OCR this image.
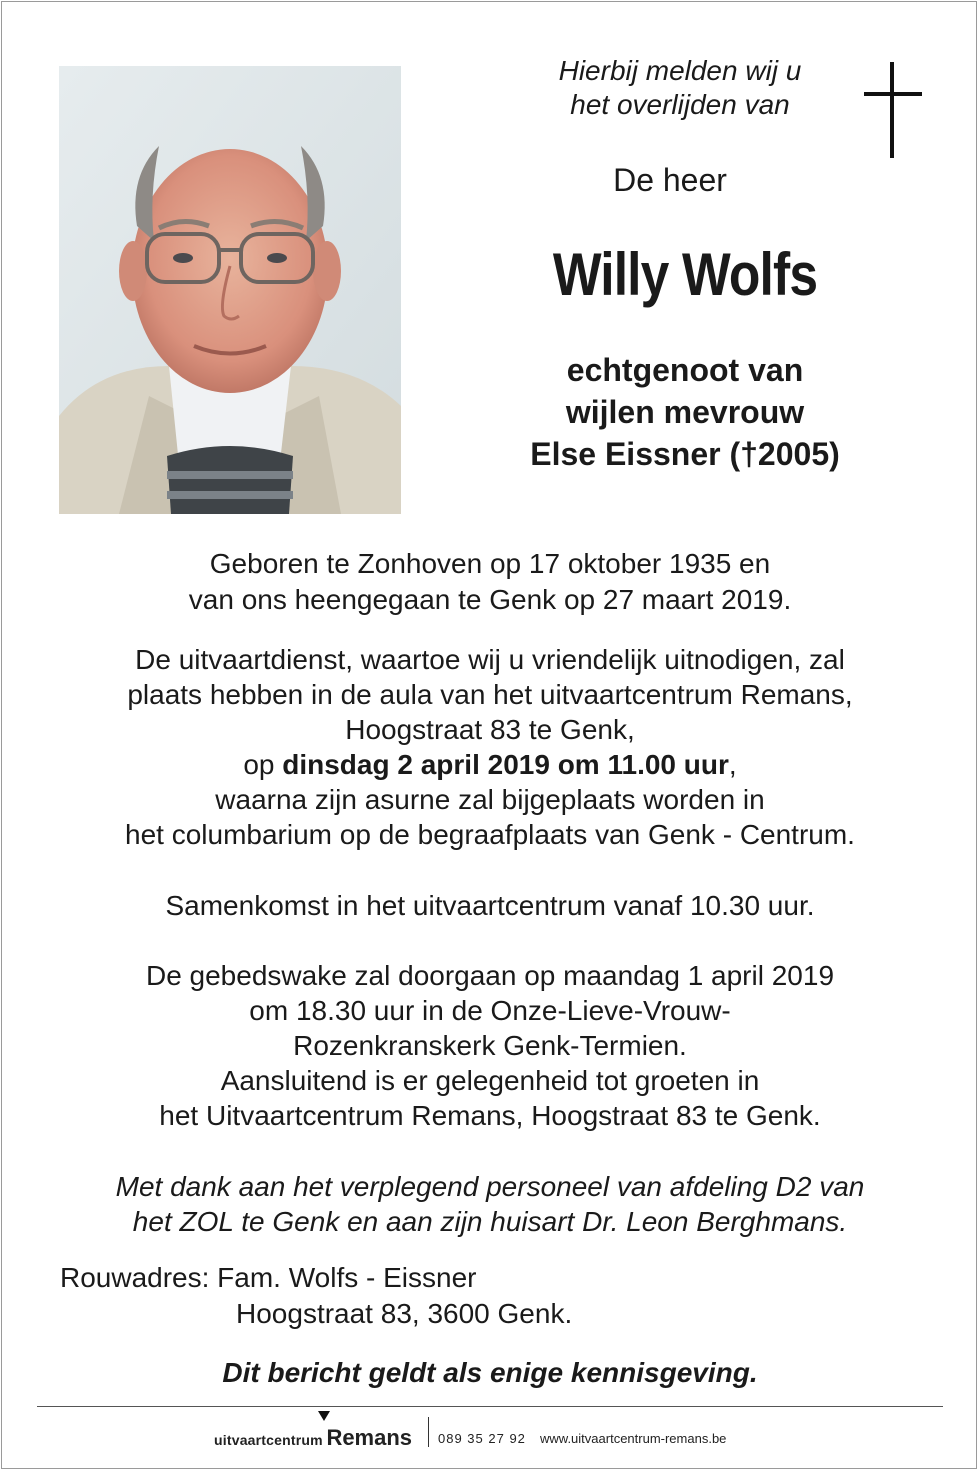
Hierbij melden wij u
het overlijden van
De heer
Willy Wolfs
echtgenoot van
wijlen mevrouw
Else Eissner (†2005)
Geboren te Zonhoven op 17 oktober 1935 en
van ons heengegaan te Genk op 27 maart 2019.
De uitvaartdienst, waartoe wij u vriendelijk uitnodigen, zal
plaats hebben in de aula van het uitvaartcentrum Remans,
Hoogstraat 83 te Genk,
op dinsdag 2 april 2019 om 11.00 uur,
waarna zijn asurne zal bijgeplaats worden in
het columbarium op de begraafplaats van Genk - Centrum.
Samenkomst in het uitvaartcentrum vanaf 10.30 uur.
De gebedswake zal doorgaan op maandag 1 april 2019
om 18.30 uur in de Onze-Lieve-Vrouw-
Rozenkranskerk Genk-Termien.
Aansluitend is er gelegenheid tot groeten in
het Uitvaartcentrum Remans, Hoogstraat 83 te Genk.
Met dank aan het verplegend personeel van afdeling D2 van
het ZOL te Genk en aan zijn huisart Dr. Leon Berghmans.
Rouwadres: Fam. Wolfs - Eissner
Hoogstraat 83, 3600 Genk.
Dit bericht geldt als enige kennisgeving.
uitvaartcentrum Remans 089 35 27 92 www.uitvaartcentrum-remans.be
